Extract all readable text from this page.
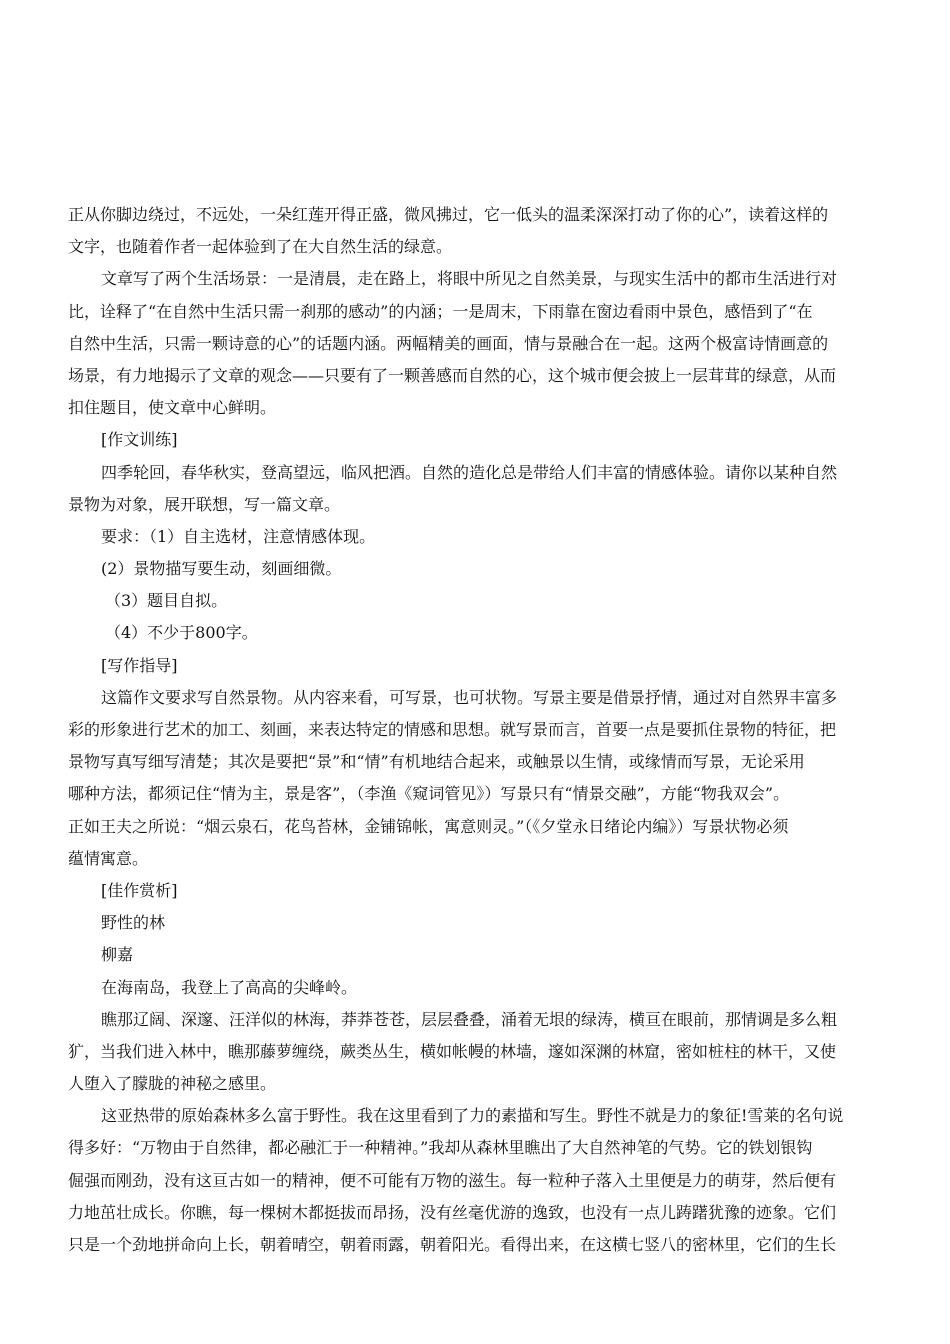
正从你脚边绕过，不远处，一朵红莲开得正盛，微风拂过，它一低头的温柔深深打动了你的心”，读着这样的
文字，也随着作者一起体验到了在大自然生活的绿意。
文章写了两个生活场景：一是清晨，走在路上，将眼中所见之自然美景，与现实生活中的都市生活进行对
比，诠释了“在自然中生活只需一刹那的感动”的内涵；一是周末，下雨靠在窗边看雨中景色，感悟到了“在
自然中生活，只需一颗诗意的心”的话题内涵。两幅精美的画面，情与景融合在一起。这两个极富诗情画意的
场景，有力地揭示了文章的观念——只要有了一颗善感而自然的心，这个城市便会披上一层茸茸的绿意，从而
扣住题目，使文章中心鲜明。
[作文训练]
四季轮回，春华秋实，登高望远，临风把酒。自然的造化总是带给人们丰富的情感体验。请你以某种自然
景物为对象，展开联想，写一篇文章。
要求：（1）自主选材，注意情感体现。
(2）景物描写要生动，刻画细微。
（3）题目自拟。
（4）不少于800字。
[写作指导]
这篇作文要求写自然景物。从内容来看，可写景，也可状物。写景主要是借景抒情，通过对自然界丰富多
彩的形象进行艺术的加工、刻画，来表达特定的情感和思想。就写景而言，首要一点是要抓住景物的特征，把
景物写真写细写清楚；其次是要把“景”和“情”有机地结合起来，或触景以生情，或缘情而写景，无论采用
哪种方法，都须记住“情为主，景是客”，（李渔《窥词管见》）写景只有“情景交融”，方能“物我双会”。
正如王夫之所说：“烟云泉石，花鸟苔林，金铺锦帐，寓意则灵。”（《夕堂永日绪论内编》）写景状物必须
蕴情寓意。
[佳作赏析]
野性的林
柳嘉
在海南岛，我登上了高高的尖峰岭。
瞧那辽阔、深邃、汪洋似的林海，莽莽苍苍，层层叠叠，涌着无垠的绿涛，横亘在眼前，那情调是多么粗
犷，当我们进入林中，瞧那藤萝缠绕，蕨类丛生，横如帐幔的林墙，邃如深渊的林窟，密如桩柱的林干，又使
人堕入了朦胧的神秘之感里。
这亚热带的原始森林多么富于野性。我在这里看到了力的素描和写生。野性不就是力的象征!雪莱的名句说
得多好：“万物由于自然律，都必融汇于一种精神。”我却从森林里瞧出了大自然神笔的气势。它的铁划银钩
倔强而刚劲，没有这亘古如一的精神，便不可能有万物的滋生。每一粒种子落入土里便是力的萌芽，然后便有
力地茁壮成长。你瞧，每一棵树木都挺拔而昂扬，没有丝毫优游的逸致，也没有一点儿踌躇犹豫的迹象。它们
只是一个劲地拼命向上长，朝着晴空，朝着雨露，朝着阳光。看得出来，在这横七竖八的密林里，它们的生长
